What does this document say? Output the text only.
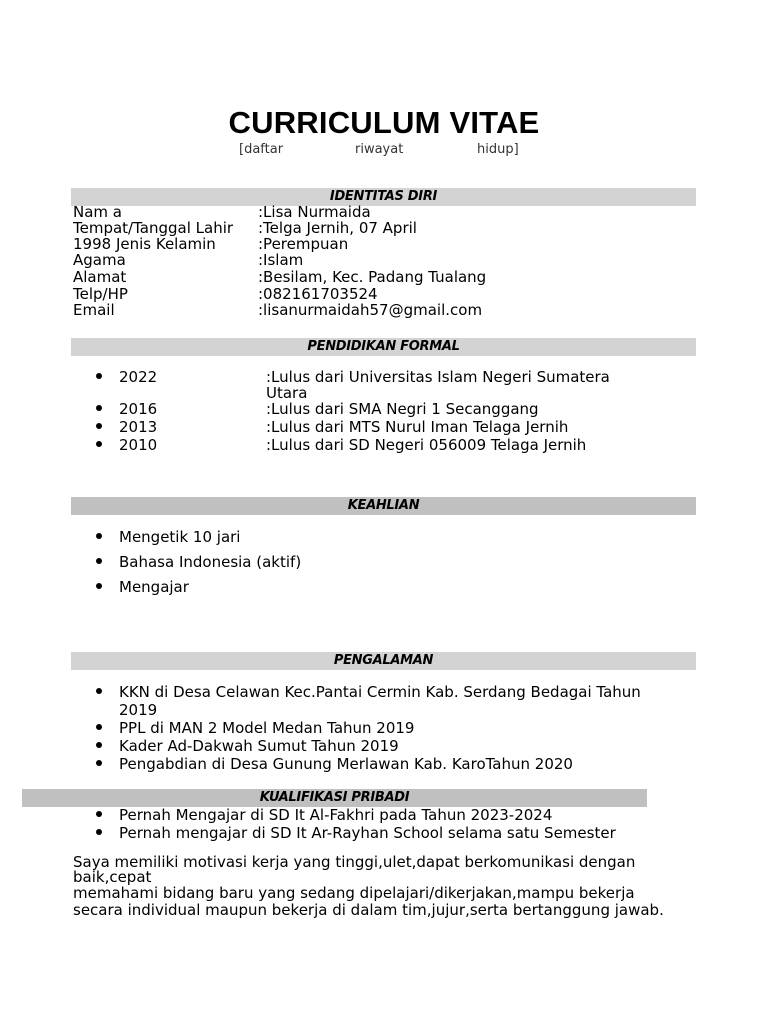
CURRICULUM VITAE
[daftar	riwayat	hidup]
IDENTITAS DIRI
Nam a	:Lisa Nurmaida
Tempat/Tanggal Lahir :Telga Jernih, 07 April
1998 Jenis Kelamin	:Perempuan
Agama	:Islam
Alamat	:Besilam, Kec. Padang Tualang
Telp/HP	:082161703524
Email	:lisanurmaidah57@gmail.com
PENDIDIKAN FORMAL
2022	:Lulus dari Universitas Islam Negeri Sumatera
Utara
2016	:Lulus dari SMA Negri 1 Secanggang
2013	:Lulus dari MTS Nurul Iman Telaga Jernih
2010	:Lulus dari SD Negeri 056009 Telaga Jernih
KEAHLIAN
Mengetik 10 jari
Bahasa Indonesia (aktif)
Mengajar
PENGALAMAN
KKN di Desa Celawan Kec.Pantai Cermin Kab. Serdang Bedagai Tahun
2019
PPL di MAN 2 Model Medan Tahun 2019
Kader Ad-Dakwah Sumut Tahun 2019
Pengabdian di Desa Gunung Merlawan Kab. KaroTahun 2020
KUALIFIKASI PRIBADI
Pernah Mengajar di SD It Al-Fakhri pada Tahun 2023-2024
Pernah mengajar di SD It Ar-Rayhan School selama satu Semester
Saya memiliki motivasi kerja yang tinggi,ulet,dapat berkomunikasi dengan
baik,cepat
memahami bidang baru yang sedang dipelajari/dikerjakan,mampu bekerja
secara individual maupun bekerja di dalam tim,jujur,serta bertanggung jawab.
